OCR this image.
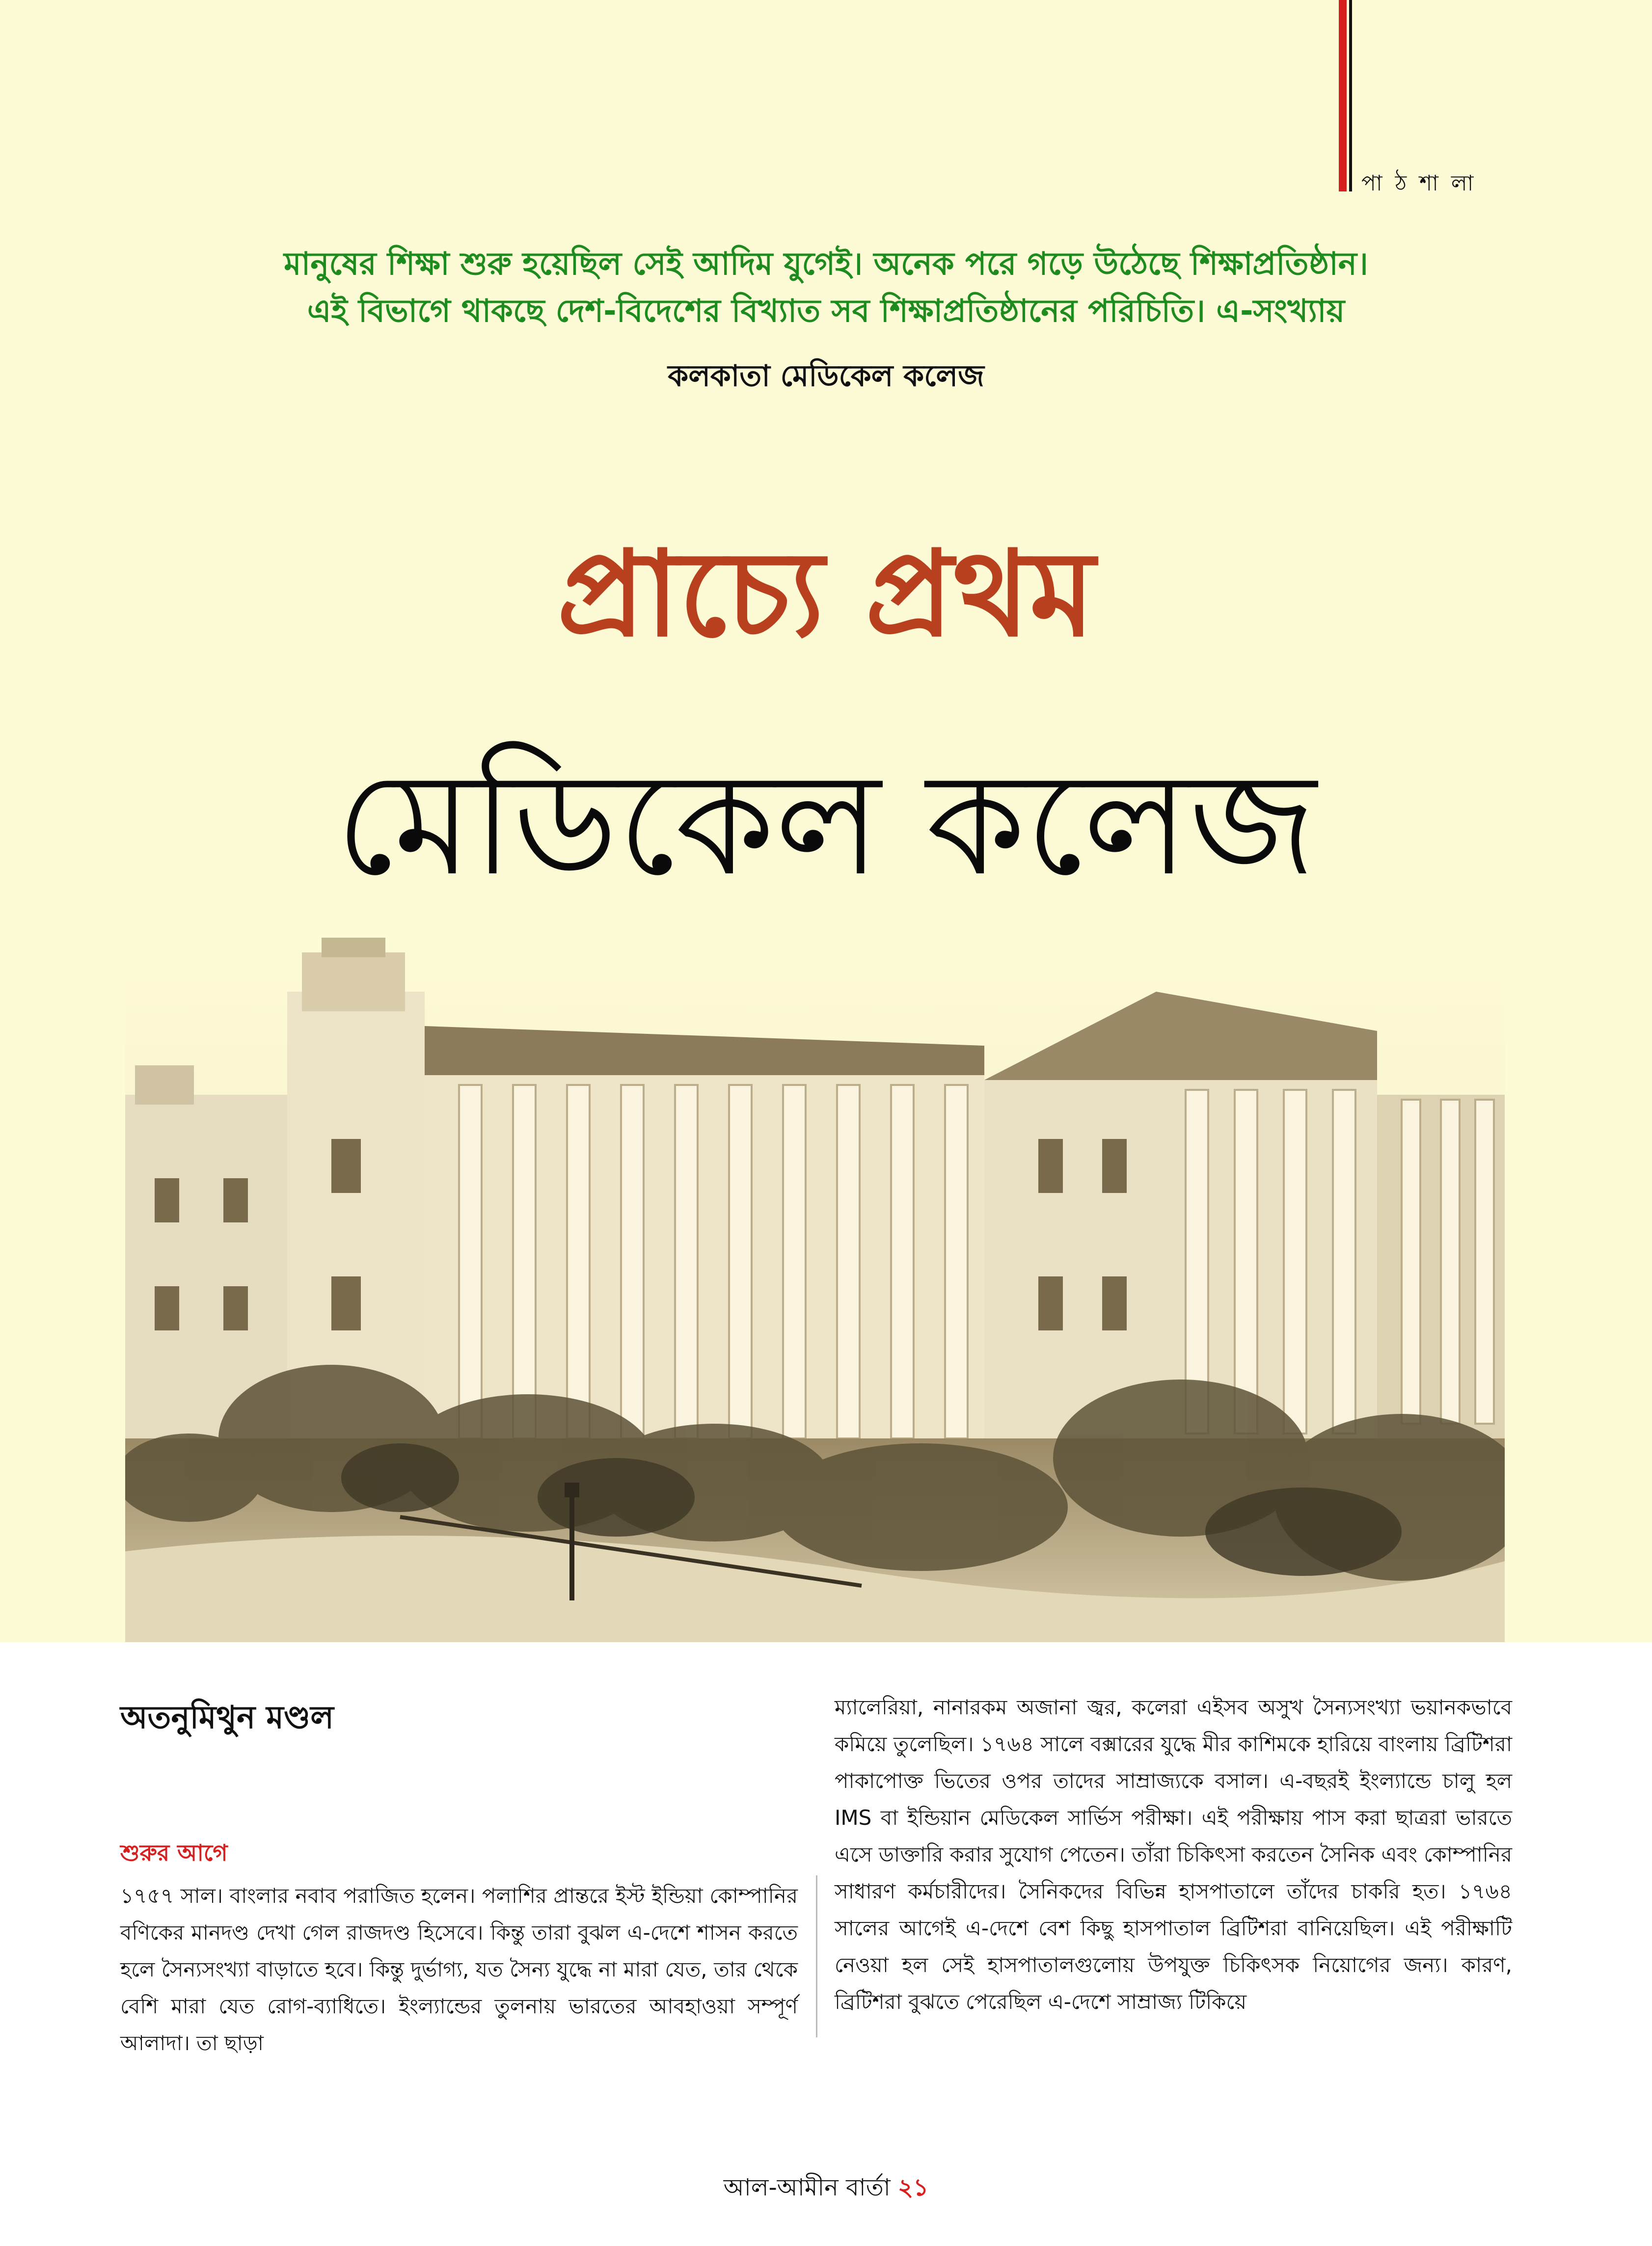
পা ঠ শা লা
মানুষের শিক্ষা শুরু হয়েছিল সেই আদিম যুগেই। অনেক পরে গড়ে উঠেছে শিক্ষাপ্রতিষ্ঠান।
এই বিভাগে থাকছে দেশ-বিদেশের বিখ্যাত সব শিক্ষাপ্রতিষ্ঠানের পরিচিতি। এ-সংখ্যায়
কলকাতা মেডিকেল কলেজ
প্রাচ্যে প্রথম
মেডিকেল কলেজ
অতনুমিথুন মণ্ডল
শুরুর আগে

১৭৫৭ সাল। বাংলার নবাব পরাজিত হলেন। পলাশির প্রান্তরে ইস্ট ইন্ডিয়া কোম্পানির বণিকের মানদণ্ড দেখা গেল রাজদণ্ড হিসেবে। কিন্তু তারা বুঝল এ-দেশে শাসন করতে হলে সৈন্যসংখ্যা বাড়াতে হবে। কিন্তু দুর্ভাগ্য, যত সৈন্য যুদ্ধে না মারা যেত, তার থেকে বেশি মারা যেত রোগ-ব্যাধিতে। ইংল্যান্ডের তুলনায় ভারতের আবহাওয়া সম্পূর্ণ আলাদা। তা ছাড়া

ম্যালেরিয়া, নানারকম অজানা জ্বর, কলেরা এইসব অসুখ সৈন্যসংখ্যা ভয়ানকভাবে কমিয়ে তুলেছিল। ১৭৬৪ সালে বক্সারের যুদ্ধে মীর কাশিমকে হারিয়ে বাংলায় ব্রিটিশরা পাকাপোক্ত ভিতের ওপর তাদের সাম্রাজ্যকে বসাল। এ-বছরই ইংল্যান্ডে চালু হল IMS বা ইন্ডিয়ান মেডিকেল সার্ভিস পরীক্ষা। এই পরীক্ষায় পাস করা ছাত্ররা ভারতে এসে ডাক্তারি করার সুযোগ পেতেন। তাঁরা চিকিৎসা করতেন সৈনিক এবং কোম্পানির সাধারণ কর্মচারীদের। সৈনিকদের বিভিন্ন হাসপাতালে তাঁদের চাকরি হত। ১৭৬৪ সালের আগেই এ-দেশে বেশ কিছু হাসপাতাল ব্রিটিশরা বানিয়েছিল। এই পরীক্ষাটি নেওয়া হল সেই হাসপাতালগুলোয় উপযুক্ত চিকিৎসক নিয়োগের জন্য। কারণ, ব্রিটিশরা বুঝতে পেরেছিল এ-দেশে সাম্রাজ্য টিকিয়ে

আল-আমীন বার্তা ২১
